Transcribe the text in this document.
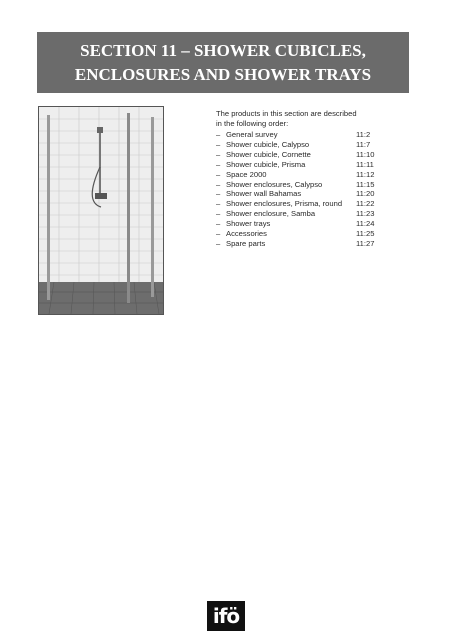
SECTION 11 – SHOWER CUBICLES,
ENCLOSURES AND SHOWER TRAYS
The products in this section are described
in the following order:
– General survey	11:2
– Shower cubicle, Calypso	11:7
– Shower cubicle, Cornette	11:10
– Shower cubicle, Prisma	11:11
– Space 2000	11:12
– Shower enclosures, Calypso	11:15
– Shower wall Bahamas	11:20
– Shower enclosures, Prisma, round	11:22
– Shower enclosure, Samba	11:23
– Shower trays	11:24
– Accessories	11:25
– Spare parts	11:27
ifö
